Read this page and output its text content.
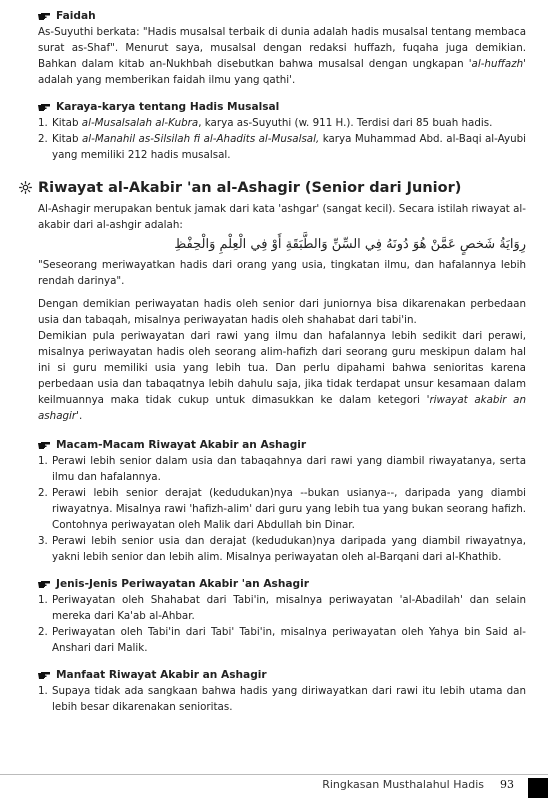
Faidah

As-Suyuthi berkata: "Hadis musalsal terbaik di dunia adalah hadis musalsal tentang membaca surat as-Shaf". Menurut saya, musalsal dengan redaksi huffazh, fuqaha juga demikian. Bahkan dalam kitab an-Nukhbah disebutkan bahwa musalsal dengan ungkapan 'al-huffazh' adalah yang memberikan faidah ilmu yang qathi'.

Karaya-karya tentang Hadis Musalsal
1. Kitab al-Musalsalah al-Kubra, karya as-Suyuthi (w. 911 H.). Terdisi dari 85 buah hadis.
2. Kitab al-Manahil as-Silsilah fi al-Ahadits al-Musalsal, karya Muhammad Abd. al-Baqi al-Ayubi yang memiliki 212 hadis musalsal.
Riwayat al-Akabir 'an al-Ashagir (Senior dari Junior)

Al-Ashagir merupakan bentuk jamak dari kata 'ashgar' (sangat kecil). Secara istilah riwayat al-akabir dari al-ashgir adalah:

رِوَايَةُ شَخصٍ عَمَّنْ هُوَ دُونَهُ فِي السِّنِّ وَالطَّبَقَةِ أَوْ فِي الْعِلْمِ وَالْحِفْظِ

"Seseorang meriwayatkan hadis dari orang yang usia, tingkatan ilmu, dan hafalannya lebih rendah darinya".

Dengan demikian periwayatan hadis oleh senior dari juniornya bisa dikarenakan perbedaan usia dan tabaqah, misalnya periwayatan hadis oleh shahabat dari tabi'in.

Demikian pula periwayatan dari rawi yang ilmu dan hafalannya lebih sedikit dari perawi, misalnya periwayatan hadis oleh seorang alim-hafizh dari seorang guru meskipun dalam hal ini si guru memiliki usia yang lebih tua. Dan perlu dipahami bahwa senioritas karena perbedaan usia dan tabaqatnya lebih dahulu saja, jika tidak terdapat unsur kesamaan dalam keilmuannya maka tidak cukup untuk dimasukkan ke dalam ketegori 'riwayat akabir an ashagir'.

Macam-Macam Riwayat Akabir an Ashagir
1. Perawi lebih senior dalam usia dan tabaqahnya dari rawi yang diambil riwayatanya, serta ilmu dan hafalannya.
2. Perawi lebih senior derajat (kedudukan)nya --bukan usianya--, daripada yang diambi riwayatnya. Misalnya rawi 'hafizh-alim' dari guru yang lebih tua yang bukan seorang hafizh. Contohnya periwayatan oleh Malik dari Abdullah bin Dinar.
3. Perawi lebih senior usia dan derajat (kedudukan)nya daripada yang diambil riwayatnya, yakni lebih senior dan lebih alim. Misalnya periwayatan oleh al-Barqani dari al-Khathib.
Jenis-Jenis Periwayatan Akabir 'an Ashagir
1. Periwayatan oleh Shahabat dari Tabi'in, misalnya periwayatan 'al-Abadilah' dan selain mereka dari Ka'ab al-Ahbar.
2. Periwayatan oleh Tabi'in dari Tabi' Tabi'in, misalnya periwayatan oleh Yahya bin Said al-Anshari dari Malik.
Manfaat Riwayat Akabir an Ashagir
1. Supaya tidak ada sangkaan bahwa hadis yang diriwayatkan dari rawi itu lebih utama dan lebih besar dikarenakan senioritas.
Ringkasan Musthalahul Hadis 93
